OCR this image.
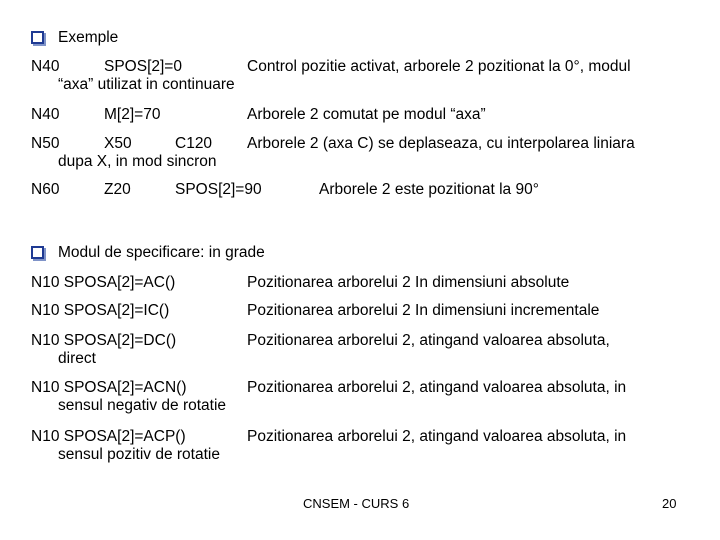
Exemple
N40	SPOS[2]=0	Control pozitie activat, arborele 2 pozitionat la 0°, modul
“axa” utilizat in continuare
N40	M[2]=70	Arborele 2 comutat pe modul “axa”
N50	X50	C120 Arborele 2 (axa C) se deplaseaza, cu interpolarea liniara
dupa X, in mod sincron
N60	Z20	SPOS[2]=90	Arborele 2 este pozitionat la 90°
Modul de specificare: in grade
N10 SPOSA[2]=AC()	Pozitionarea arborelui 2 In dimensiuni absolute
N10 SPOSA[2]=IC()	Pozitionarea arborelui 2 In dimensiuni incrementale
N10 SPOSA[2]=DC()	Pozitionarea arborelui 2, atingand valoarea absoluta,
direct
N10 SPOSA[2]=ACN()	Pozitionarea arborelui 2, atingand valoarea absoluta, in
sensul negativ de rotatie
N10 SPOSA[2]=ACP()	Pozitionarea arborelui 2, atingand valoarea absoluta, in
sensul pozitiv de rotatie
CNSEM - CURS 6	20
